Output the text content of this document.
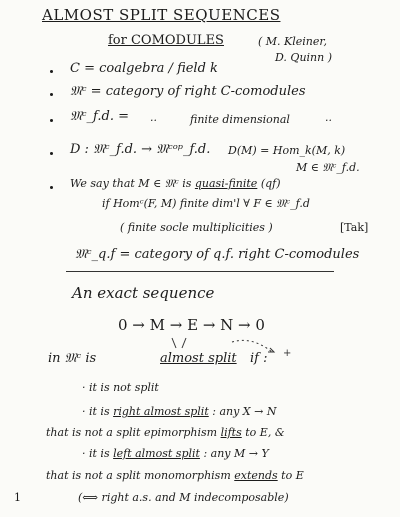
ALMOST SPLIT SEQUENCES
for COMODULES	( M. Kleiner,
D. Quinn )
C = coalgebra / field k
𝔐ᶜ = category of right C-comodules
𝔐ᶜ_f.d. = ..	finite dimensional	..
D : 𝔐ᶜ_f.d. → 𝔐ᶜᵒᵖ_f.d. D(M) = Hom_k(M, k)
M ∈ 𝔐ᶜ_f.d.
We say that M ∈ 𝔐ᶜ is quasi-finite (qf)
if Homᶜ(F, M) finite dim'l ∀ F ∈ 𝔐ᶜ_f.d
( finite socle multiplicities )	[Tak]
𝔐ᶜ_q.f = category of q.f. right C-comodules
An exact sequence
0 → M → E → N → 0
+
in 𝔐ᶜ is	almost split if :
· it is not split
· it is right almost split : any X → N
that is not a split epimorphism lifts to E, &
· it is left almost split : any M → Y
that is not a split monomorphism extends to E
(⟺ right a.s. and M indecomposable)
1
